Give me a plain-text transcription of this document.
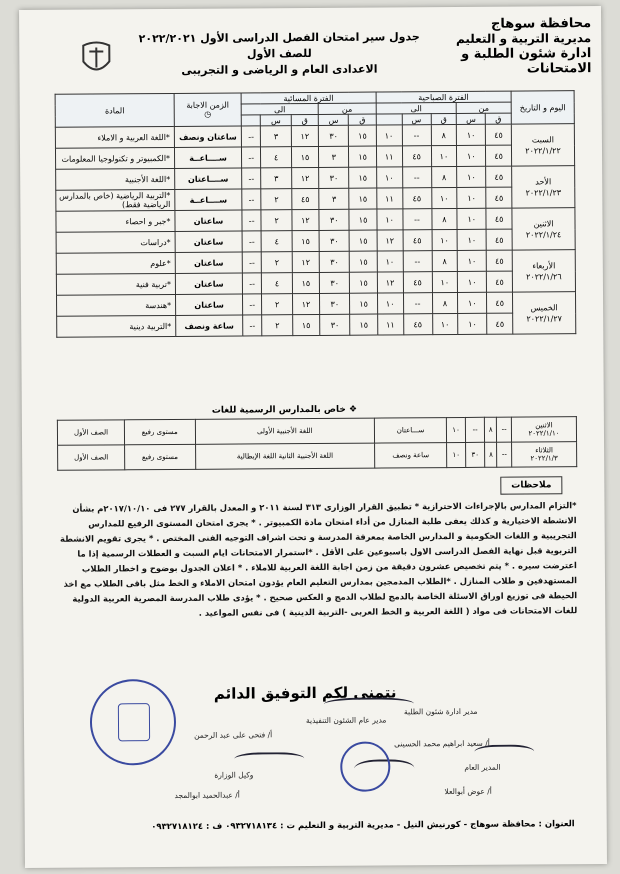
محافظة سوهاج
مديرية التربية و التعليم
ادارة شئون الطلبة و الامتحانات
جدول سير امتحان الفصل الدراسى الأول ٢٠٢٢/٢٠٢١ للصف الأول
الاعدادى العام و الرياضى و التجريبى
اليوم و التاريخ	الفترة الصباحية					الفترة المسائية					الزمن الاجابة
◷	المادة
	من		الى			من		الى				
	ق	س	ق	س		ق	س	ق	س			

السبت
٢٠٢٢/١/٢٢	٤٥	١٠	٨	--	١٠	١٥	٣٠	١٢	٣	--	ساعتان ونصف	*اللغة العربية و الاملاء
	٤٥	١٠	١٠	٤٥	١١	١٥	٣	١٥	٤	--	ســــاعــة	*الكمبيوتر و تكنولوجيا المعلومات

الأحد
٢٠٢٢/١/٢٣	٤٥	١٠	٨	--	١٠	١٥	٣٠	١٢	٣	--	ســــاعتان	*اللغة الأجنبية
	٤٥	١٠	١٠	٤٥	١١	١٥	٣	٤٥	٢	--	ســــاعــة	*التربية الرياضية (خاص بالمدارس الرياضية فقط)

الاثنين
٢٠٢٢/١/٢٤	٤٥	١٠	٨	--	١٠	١٥	٣٠	١٢	٢	--	ساعتان	*جبر و احصاء
	٤٥	١٠	١٠	٤٥	١٢	١٥	٣٠	١٥	٤	--	ساعتان	*دراسات

الأربعاء
٢٠٢٢/١/٢٦	٤٥	١٠	٨	--	١٠	١٥	٣٠	١٢	٢	--	ساعتان	*علوم
	٤٥	١٠	١٠	٤٥	١٢	١٥	٣٠	١٥	٤	--	ساعتان	*تربية فنية

الخميس
٢٠٢٢/١/٢٧	٤٥	١٠	٨	--	١٠	١٥	٣٠	١٢	٢	--	ساعتان	*هندسة
	٤٥	١٠	١٠	٤٥	١١	١٥	٣٠	١٥	٢	--	ساعة ونصف	*التربية دينية
❖ خاص بالمدارس الرسمية للغات
الاثنين
٢٠٢٢/١/١٠	--	٨	--	١٠	ســـاعتان	اللغة الأجنبية الأولى	مستوى رفيع	الصف الأول

الثلاثاء
٢٠٢٢/١/٣	--	٨	٣٠	١٠	ساعة ونصف	اللغة الأجنبية الثانية اللغة الإيطالية	مستوى رفيع	الصف الأول
ملاحظات
*التزام المدارس بالإجراءات الاحترازية * تطبيق القرار الوزارى ٣١٣ لسنة ٢٠١١ و المعدل بالقرار ٢٧٧ فى ٢٠١٧/١٠/١٠م بشأن الانشطة الاختيارية و كذلك يعفى طلبة المنازل من أداء امتحان مادة الكمبيوتر . * يجرى امتحان المستوى الرفيع للمدارس التجريبية و اللغات الحكومية و المدارس الخاصة بمعرفة المدرسة و تحت اشراف التوجيه الفنى المختص . * يجرى تقويم الانشطة التربوية قبل نهاية الفصل الدراسى الاول باسبوعين على الأقل . *استمرار الامتحانات ايام السبت و العطلات الرسمية إذا ما اعترضت سيره . * يتم تخصيص عشرون دقيقة من زمن اجابة اللغة العربية للاملاء . * اعلان الجدول بوضوح و اخطار الطلاب المستهدفين و طلاب المنازل . *الطلاب المدمجين بمدارس التعليم العام يؤدون امتحان الاملاء و الخط مثل باقى الطلاب مع اخذ الحيطة فى توزيع اوراق الاسئلة الخاصة بالدمج لطلاب الدمج و العكس صحيح . * يؤدى طلاب المدرسة المصرية العربية الدولية للغات الامتحانات فى مواد ( اللغة العربية و الخط العربى -التربية الدينية ) فى نفس المواعيد .
نتمنى لكم التوفيق الدائم
مدير عام الشئون التنفيذية
مدير ادارة شئون الطلبة
أ/ سعيد ابراهيم محمد الحسينى
المدير العام
وكيل الوزارة
أ/ عوض أبوالعلا
أ/ عبدالحميد ابوالمجد
أ/ فتحى على عبد الرحمن
العنوان : محافظة سوهاج - كورنيش النيل - مديرية التربية و التعليم ت : ٠٩٣٢٧١٨١٣٤ ف : ٠٩٣٢٧١٨١٢٤
